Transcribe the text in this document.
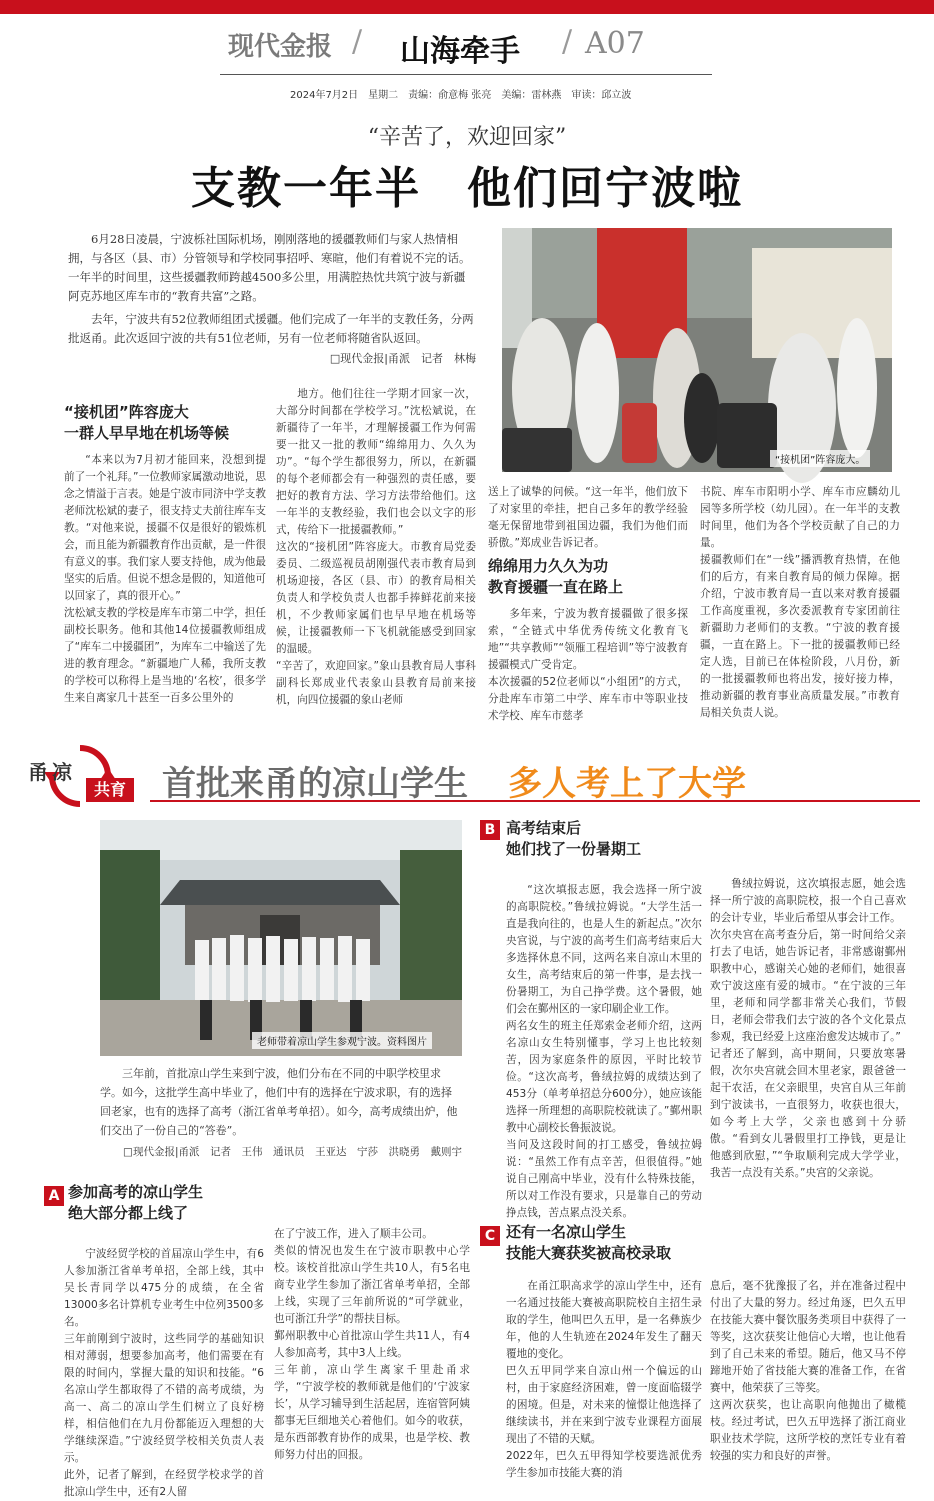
现代金报 / 山海牵手	/ A07
2024年7月2日　星期二　责编：俞意梅 张亮　美编：雷林燕　审读：邱立波
“辛苦了，欢迎回家”
支教一年半　他们回宁波啦
6月28日凌晨，宁波栎社国际机场，刚刚落地的援疆教师们与家人热情相拥，与各区（县、市）分管领导和学校同事招呼、寒暄，他们有着说不完的话。一年半的时间里，这些援疆教师跨越4500多公里，用满腔热忱共筑宁波与新疆阿克苏地区库车市的“教育共富”之路。
去年，宁波共有52位教师组团式援疆。他们完成了一年半的支教任务，分两批返甬。此次返回宁波的共有51位老师，另有一位老师将随省队返回。
□现代金报|甬派　记者　林梅
“接机团”阵容庞大。
“接机团”阵容庞大
一群人早早地在机场等候
“本来以为7月初才能回来，没想到提前了一个礼拜。”一位教师家属激动地说，思念之情溢于言表。她是宁波市同济中学支教老师沈松斌的妻子，很支持丈夫前往库车支教。“对他来说，援疆不仅是很好的锻炼机会，而且能为新疆教育作出贡献，是一件很有意义的事。我们家人要支持他，成为他最坚实的后盾。但说不想念是假的，知道他可以回家了，真的很开心。”
沈松斌支教的学校是库车市第二中学，担任副校长职务。他和其他14位援疆教师组成了“库车二中援疆团”，为库车二中输送了先进的教育理念。“新疆地广人稀，我所支教的学校可以称得上是当地的‘名校’，很多学生来自离家几十甚至一百多公里外的
地方。他们往往一学期才回家一次，大部分时间都在学校学习。”沈松斌说，在新疆待了一年半，才理解援疆工作为何需要一批又一批的教师“绵绵用力、久久为功”。“每个学生都很努力，所以，在新疆的每个老师都会有一种强烈的责任感，要把好的教育方法、学习方法带给他们。这一年半的支教经验，我们也会以文字的形式，传给下一批援疆教师。”
这次的“接机团”阵容庞大。市教育局党委委员、二级巡视员胡刚强代表市教育局到机场迎接，各区（县、市）的教育局相关负责人和学校负责人也都手捧鲜花前来接机，不少教师家属们也早早地在机场等候，让援疆教师一下飞机就能感受到回家的温暖。
“辛苦了，欢迎回家。”象山县教育局人事科副科长郑成业代表象山县教育局前来接机，向四位援疆的象山老师
送上了诚挚的问候。“这一年半，他们放下了对家里的牵挂，把自己多年的教学经验毫无保留地带到祖国边疆，我们为他们而骄傲。”郑成业告诉记者。
绵绵用力久久为功
教育援疆一直在路上
多年来，宁波为教育援疆做了很多探索，“全链式中华优秀传统文化教育飞地”“共享教师”“领雁工程培训”等宁波教育援疆模式广受肯定。
本次援疆的52位老师以“小组团”的方式，分赴库车市第二中学、库车市中等职业技术学校、库车市慈孝
书院、库车市阳明小学、库车市应麟幼儿园等多所学校（幼儿园）。在一年半的支教时间里，他们为各个学校贡献了自己的力量。
援疆教师们在“一线”播洒教育热情，在他们的后方，有来自教育局的倾力保障。据介绍，宁波市教育局一直以来对教育援疆工作高度重视，多次委派教育专家团前往新疆助力老师们的支教。“宁波的教育援疆，一直在路上。下一批的援疆教师已经定人选，目前已在体检阶段，八月份，新的一批援疆教师也将出发，接好接力棒，推动新疆的教育事业高质量发展。”市教育局相关负责人说。
甬 凉
共育 首批来甬的凉山学生 多人考上了大学
老师带着凉山学生参观宁波。资料图片
三年前，首批凉山学生来到宁波，他们分布在不同的中职学校里求学。如今，这批学生高中毕业了，他们中有的选择在宁波求职，有的选择回老家，也有的选择了高考（浙江省单考单招）。如今，高考成绩出炉，他们交出了一份自己的“答卷”。
□现代金报|甬派　记者　王伟　通讯员　王亚达　宁莎　洪晓勇　戴则宇
A 参加高考的凉山学生
绝大部分都上线了
宁波经贸学校的首届凉山学生中，有6人参加浙江省单考单招，全部上线，其中吴长青同学以475分的成绩，在全省13000多名计算机专业考生中位列3500多名。
三年前刚到宁波时，这些同学的基础知识相对薄弱，想要参加高考，他们需要在有限的时间内，掌握大量的知识和技能。“6名凉山学生都取得了不错的高考成绩，为高一、高二的凉山学生们树立了良好榜样，相信他们在九月份都能迈入理想的大学继续深造。”宁波经贸学校相关负责人表示。
此外，记者了解到，在经贸学校求学的首批凉山学生中，还有2人留
在了宁波工作，进入了顺丰公司。
类似的情况也发生在宁波市职教中心学校。该校首批凉山学生共10人，有5名电商专业学生参加了浙江省单考单招，全部上线，实现了三年前所说的“可学就业，也可浙江升学”的帮扶目标。
鄞州职教中心首批凉山学生共11人，有4人参加高考，其中3人上线。
三年前，凉山学生离家千里赴甬求学，“宁波学校的教师就是他们的‘宁波家长’，从学习辅导到生活起居，连宿管阿姨都事无巨细地关心着他们。如今的收获，是东西部教育协作的成果，也是学校、教师努力付出的回报。
B 高考结束后
她们找了一份暑期工
“这次填报志愿，我会选择一所宁波的高职院校。”鲁绒拉姆说。“大学生活一直是我向往的，也是人生的新起点。”次尔央宫说，与宁波的高考生们高考结束后大多选择休息不同，这两名来自凉山木里的女生，高考结束后的第一件事，是去找一份暑期工，为自己挣学费。这个暑假，她们会在鄞州区的一家印刷企业工作。
两名女生的班主任郑索金老师介绍，这两名凉山女生特别懂事，学习上也比较刻苦，因为家庭条件的原因，平时比较节俭。“这次高考，鲁绒拉姆的成绩达到了453分（单考单招总分600分），她应该能选择一所理想的高职院校就读了。”鄞州职教中心副校长鲁振波说。
当问及这段时间的打工感受，鲁绒拉姆说：“虽然工作有点辛苦，但很值得。”她说自己刚高中毕业，没有什么特殊技能，所以对工作没有要求，只是靠自己的劳动挣点钱，苦点累点没关系。
鲁绒拉姆说，这次填报志愿，她会选择一所宁波的高职院校，报一个自己喜欢的会计专业，毕业后希望从事会计工作。
次尔央宫在高考查分后，第一时间给父亲打去了电话，她告诉记者，非常感谢鄞州职教中心，感谢关心她的老师们，她很喜欢宁波这座有爱的城市。“在宁波的三年里，老师和同学都非常关心我们，节假日，老师会带我们去宁波的各个文化景点参观，我已经爱上这座治愈发达城市了。”
记者还了解到，高中期间，只要放寒暑假，次尔央宫就会回木里老家，跟爸爸一起干农活，在父亲眼里，央宫自从三年前到宁波读书，一直很努力，收获也很大，如今考上大学，父亲也感到十分骄傲。“看到女儿暑假里打工挣钱，更是让他感到欣慰，”“争取顺利完成大学学业，我苦一点没有关系。”央宫的父亲说。
C 还有一名凉山学生
技能大赛获奖被高校录取
在甬江职高求学的凉山学生中，还有一名通过技能大赛被高职院校自主招生录取的学生，他叫巴久五甲，是一名彝族少年，他的人生轨迹在2024年发生了翻天覆地的变化。
巴久五甲同学来自凉山州一个偏远的山村，由于家庭经济困难，曾一度面临辍学的困境。但是，对未来的憧憬让他选择了继续读书，并在来到宁波专业课程方面展现出了不错的天赋。
2022年，巴久五甲得知学校要选派优秀学生参加市技能大赛的消
息后，毫不犹豫报了名，并在准备过程中付出了大量的努力。经过角逐，巴久五甲在技能大赛中餐饮服务类项目中获得了一等奖，这次获奖让他信心大增，也让他看到了自己未来的希望。随后，他又马不停蹄地开始了省技能大赛的准备工作，在省赛中，他荣获了三等奖。
这两次获奖，也让高职向他抛出了橄榄枝。经过考试，巴久五甲选择了浙江商业职业技术学院，这所学校的烹饪专业有着较强的实力和良好的声誉。
